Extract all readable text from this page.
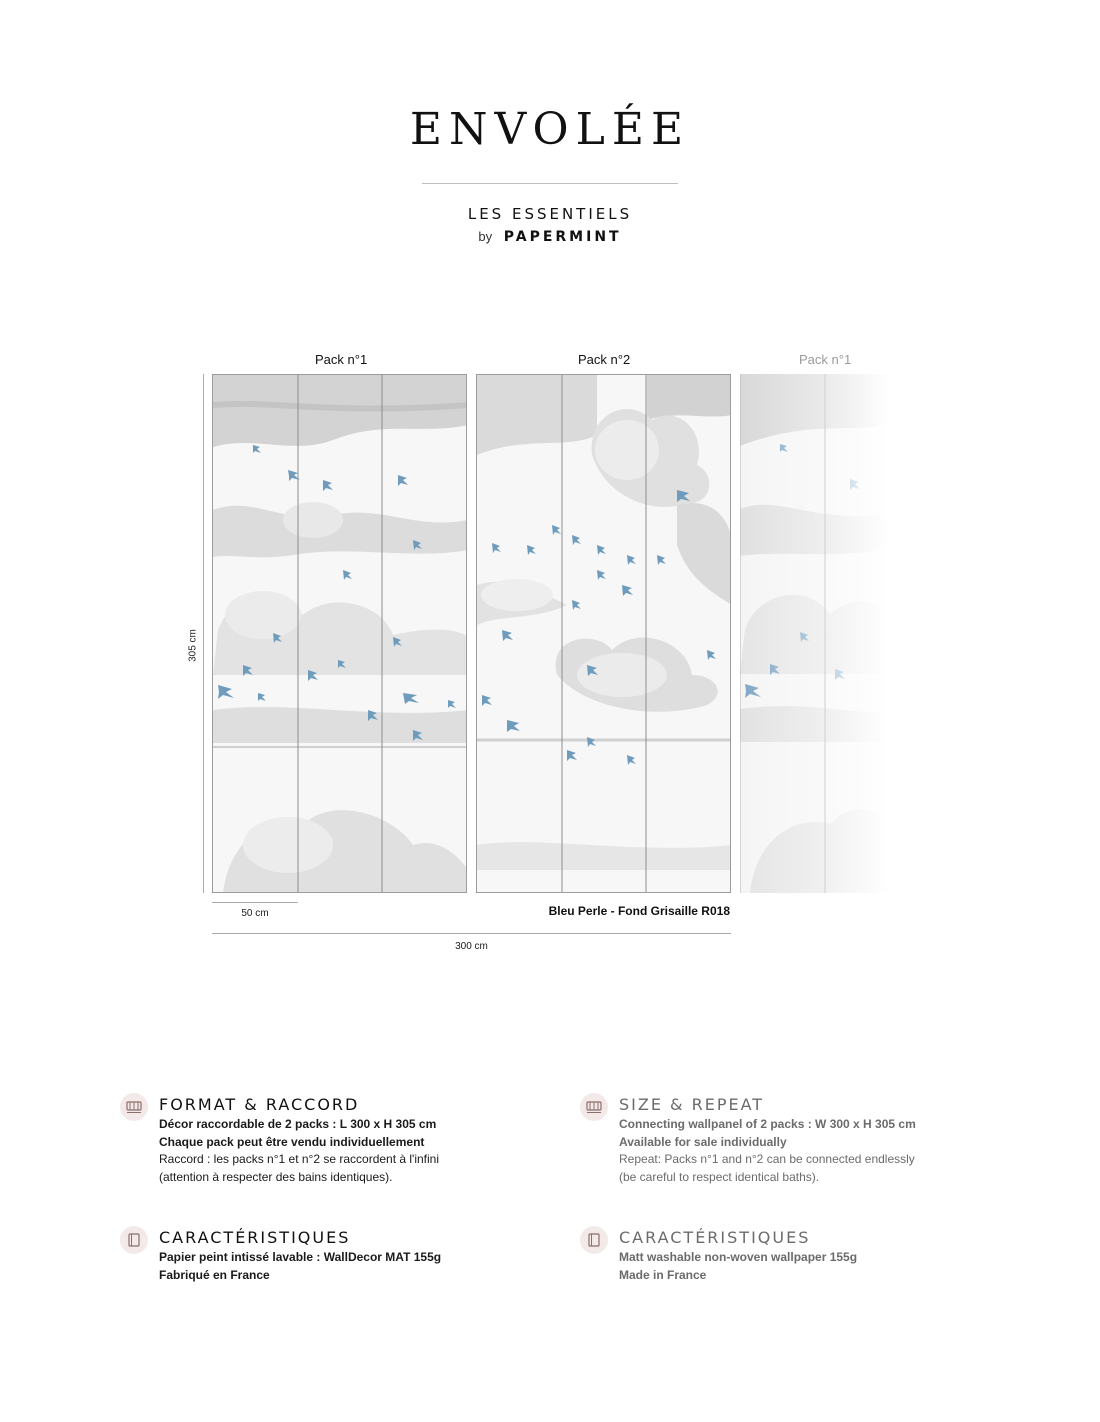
ENVOLÉE
LES ESSENTIELS
by PAPERMINT
Pack n°1	Pack n°2	Pack n°1
305 cm
50 cm	Bleu Perle - Fond Grisaille R018
300 cm
FORMAT & RACCORD
Décor raccordable de 2 packs : L 300 x H 305 cm
Chaque pack peut être vendu individuellement
Raccord : les packs n°1 et n°2 se raccordent à l'infini
(attention à respecter des bains identiques).
SIZE & REPEAT
Connecting wallpanel of 2 packs : W 300 x H 305 cm
Available for sale individually
Repeat: Packs n°1 and n°2 can be connected endlessly
(be careful to respect identical baths).
CARACTÉRISTIQUES
Papier peint intissé lavable : WallDecor MAT 155g
Fabriqué en France
CARACTÉRISTIQUES
Matt washable non-woven wallpaper 155g
Made in France
